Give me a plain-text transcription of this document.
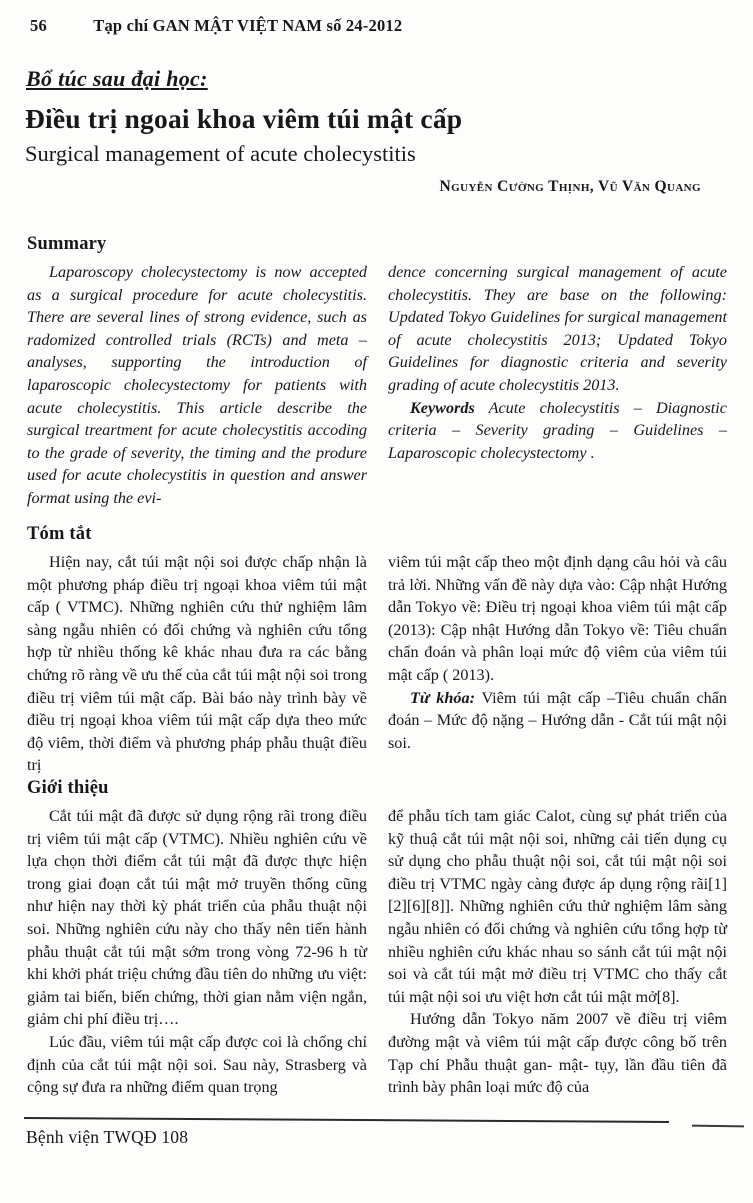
56	Tạp chí GAN MẬT VIỆT NAM số 24-2012
Bổ túc sau đại học:
Điều trị ngoai khoa viêm túi mật cấp
Surgical management of acute cholecystitis
Nguyễn Cường Thịnh, Vũ Văn Quang
Summary

Laparoscopy cholecystectomy is now accepted as a surgical procedure for acute cholecystitis. There are several lines of strong evidence, such as radomized controlled trials (RCTs) and meta – analyses, supporting the introduction of laparoscopic cholecystectomy for patients with acute cholecystitis. This article describe the surgical treartment for acute cholecystitis accoding to the grade of severity, the timing and the produre used for acute cholecystitis in question and answer format using the evi-

Tóm tắt

Hiện nay, cắt túi mật nội soi được chấp nhận là một phương pháp điều trị ngoại khoa viêm túi mật cấp ( VTMC). Những nghiên cứu thử nghiệm lâm sàng ngẫu nhiên có đối chứng và nghiên cứu tổng hợp từ nhiều thống kê khác nhau đưa ra các bằng chứng rõ ràng về ưu thế của cắt túi mật nội soi trong điều trị viêm túi mật cấp. Bài báo này trình bày về điều trị ngoại khoa viêm túi mật cấp dựa theo mức độ viêm, thời điểm và phương pháp phẫu thuật điều trị

Giới thiệu

Cắt túi mật đã được sử dụng rộng rãi trong điều trị viêm túi mật cấp (VTMC). Nhiều nghiên cứu về lựa chọn thời điểm cắt túi mật đã được thực hiện trong giai đoạn cắt túi mật mở truyền thống cũng như hiện nay thời kỳ phát triển của phẫu thuật nội soi. Những nghiên cứu này cho thấy nên tiến hành phẫu thuật cắt túi mật sớm trong vòng 72-96 h từ khi khởi phát triệu chứng đầu tiên do những ưu việt: giảm tai biến, biến chứng, thời gian nằm viện ngắn, giảm chi phí điều trị….

Lúc đầu, viêm túi mật cấp được coi là chống chỉ định của cắt túi mật nội soi. Sau này, Strasberg và cộng sự đưa ra những điểm quan trọng

dence concerning surgical management of acute cholecystitis. They are base on the following: Updated Tokyo Guidelines for surgical management of acute cholecystitis 2013; Updated Tokyo Guidelines for diagnostic criteria and severity grading of acute cholecystitis 2013.

Keywords Acute cholecystitis – Diagnostic criteria – Severity grading – Guidelines – Laparoscopic cholecystectomy .

viêm túi mật cấp theo một định dạng câu hỏi và câu trả lời. Những vấn đề này dựa vào: Cập nhật Hướng dẫn Tokyo về: Điều trị ngoại khoa viêm túi mật cấp (2013): Cập nhật Hướng dẫn Tokyo về: Tiêu chuẩn chẩn đoán và phân loại mức độ viêm của viêm túi mật cấp ( 2013).

Từ khóa: Viêm túi mật cấp –Tiêu chuẩn chẩn đoán – Mức độ nặng – Hướng dẫn - Cắt túi mật nội soi.

để phẫu tích tam giác Calot, cùng sự phát triển của kỹ thuậ cắt túi mật nội soi, những cải tiến dụng cụ sử dụng cho phẫu thuật nội soi, cắt túi mật nội soi điều trị VTMC ngày càng được áp dụng rộng rãi[1][2][6][8]]. Những nghiên cứu thử nghiệm lâm sàng ngẫu nhiên có đối chứng và nghiên cứu tổng hợp từ nhiều nghiên cứu khác nhau so sánh cắt túi mật nội soi và cắt túi mật mở điều trị VTMC cho thấy cắt túi mật nội soi ưu việt hơn cắt túi mật mở[8].

Hướng dẫn Tokyo năm 2007 về điều trị viêm đường mật và viêm túi mật cấp được công bố trên Tạp chí Phẫu thuật gan- mật- tụy, lần đầu tiên đã trình bày phân loại mức độ của

Bệnh viện TWQĐ 108
